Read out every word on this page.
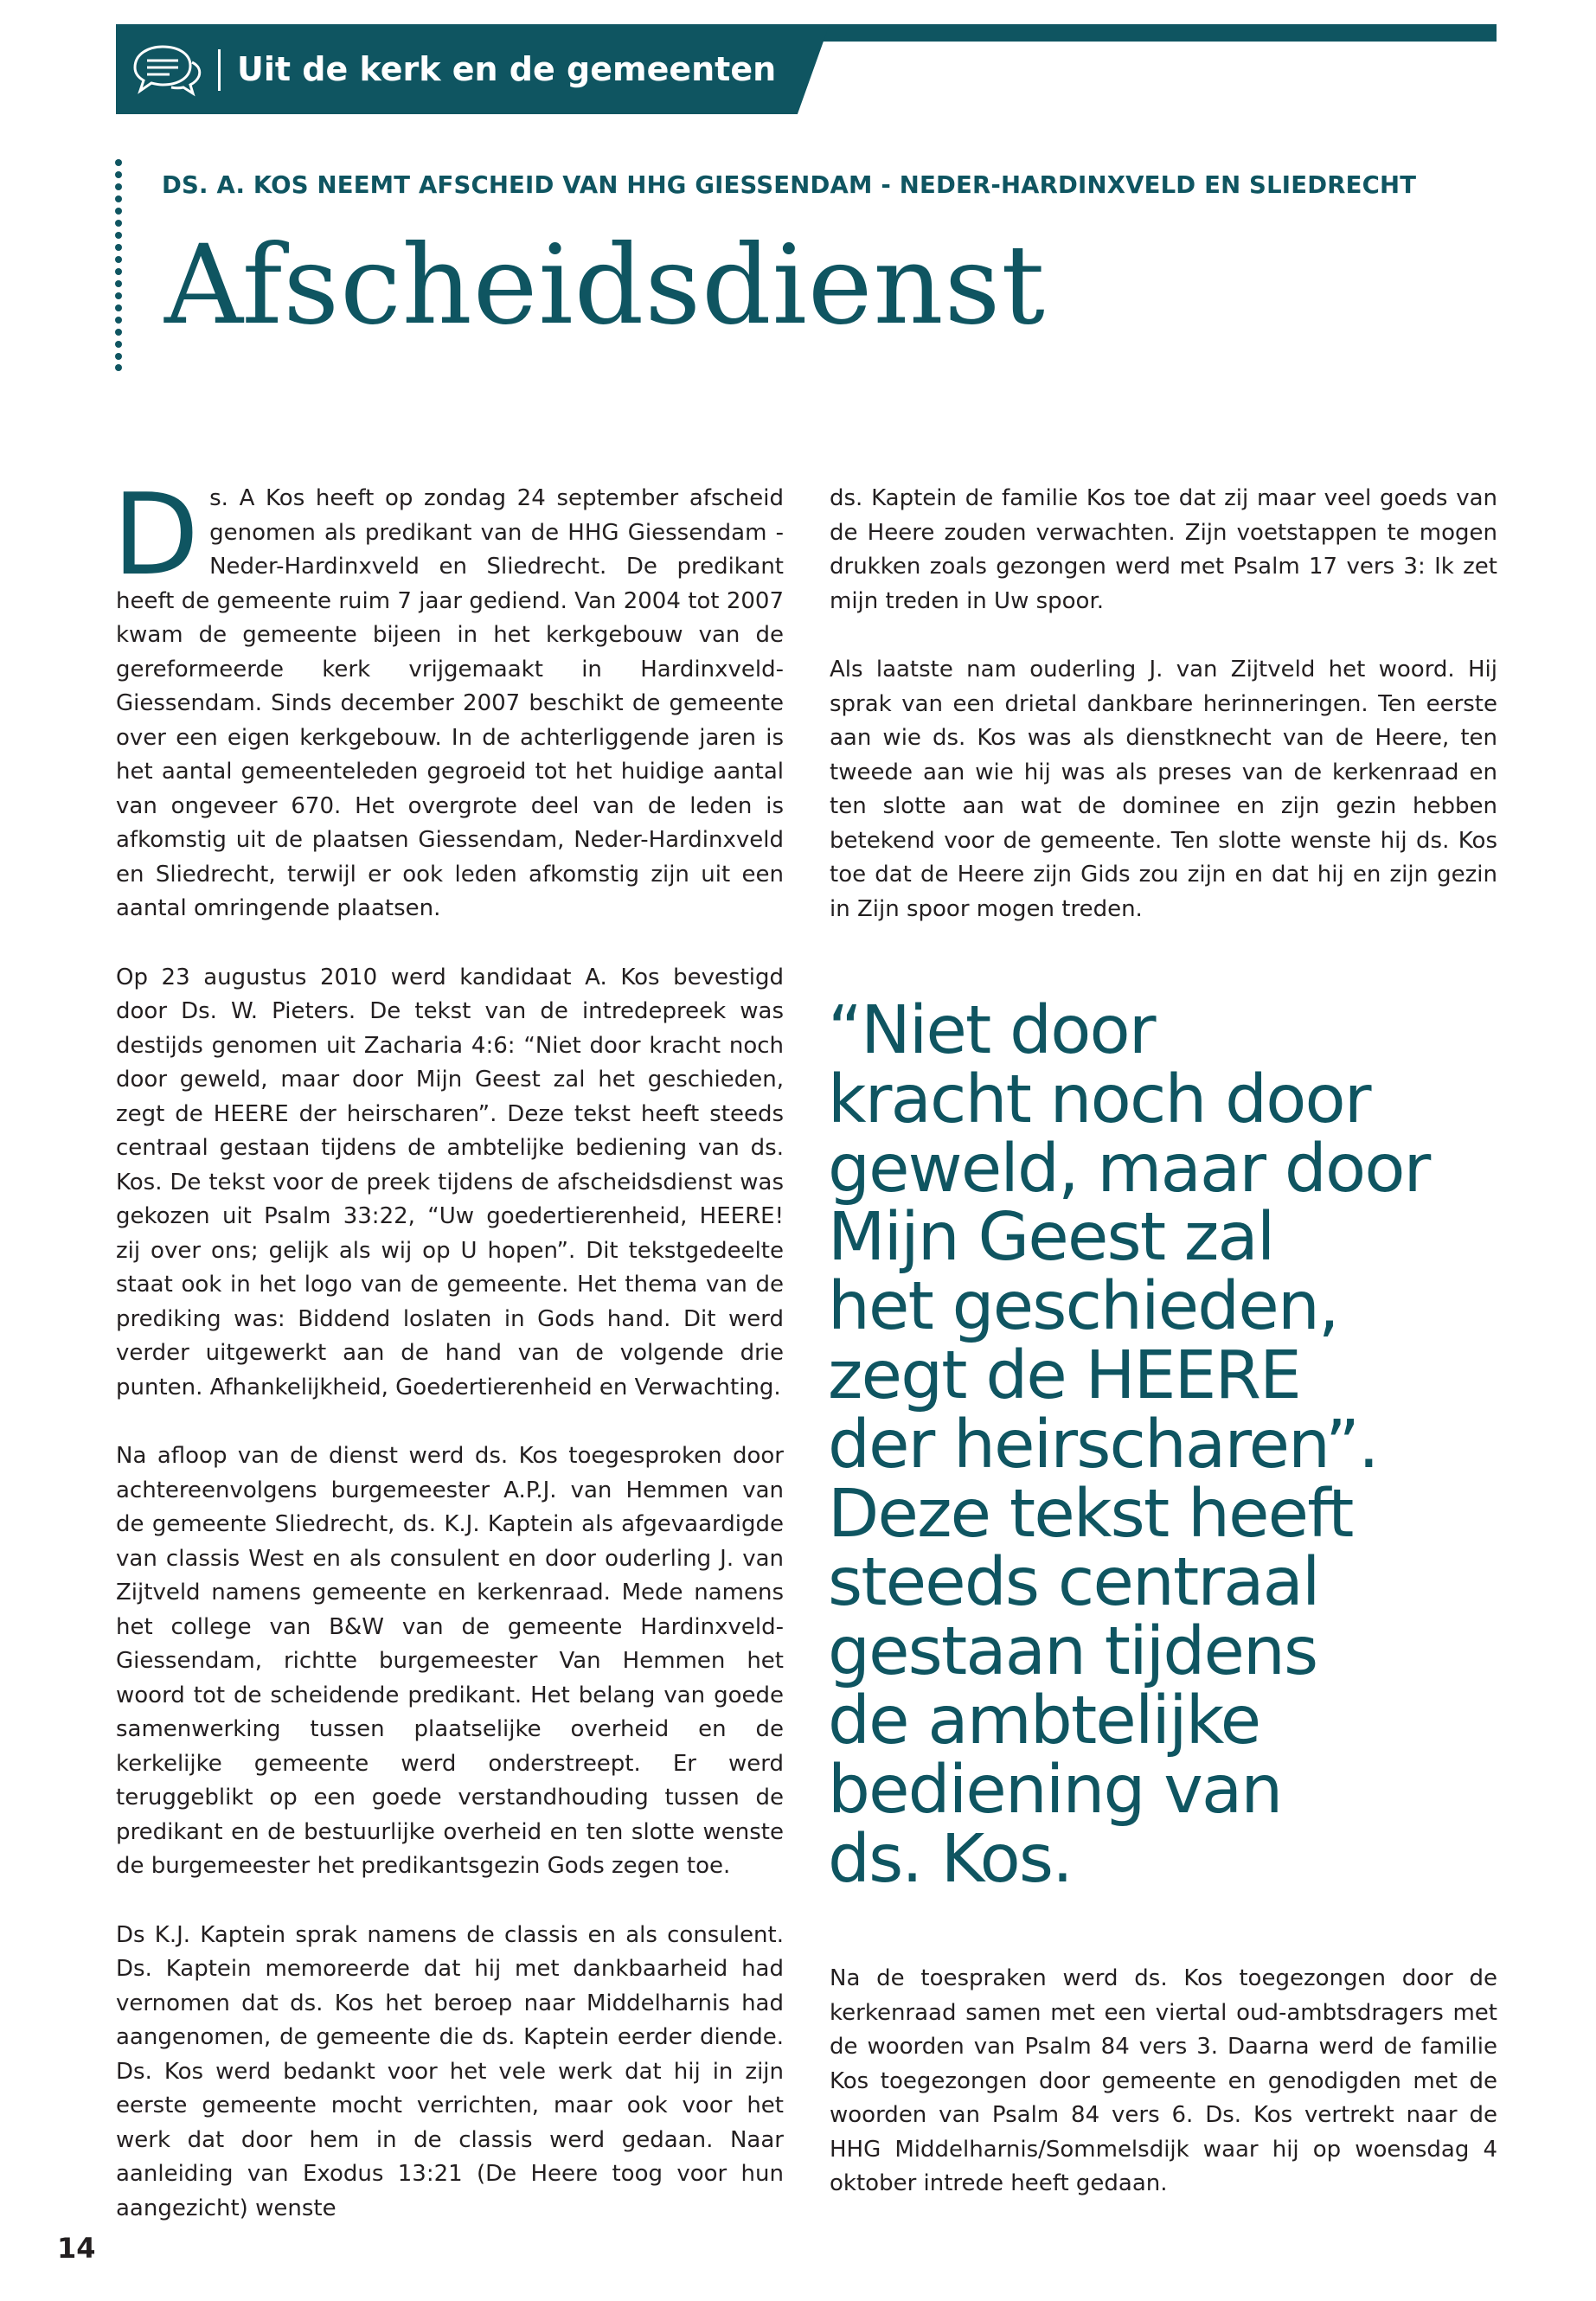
Uit de kerk en de gemeenten
DS. A. KOS NEEMT AFSCHEID VAN HHG GIESSENDAM - NEDER-HARDINXVELD EN SLIEDRECHT
Afscheidsdienst

Ds. A Kos heeft op zondag 24 september afscheid genomen als predikant van de HHG Giessendam - Neder-Hardinxveld en Sliedrecht. De predikant heeft de gemeente ruim 7 jaar gediend. Van 2004 tot 2007 kwam de gemeente bijeen in het kerkgebouw van de gereformeerde kerk vrijgemaakt in Hardinxveld-Giessendam. Sinds december 2007 beschikt de gemeente over een eigen kerkgebouw. In de achterliggende jaren is het aantal gemeenteleden gegroeid tot het huidige aantal van ongeveer 670. Het overgrote deel van de leden is afkomstig uit de plaatsen Giessendam, Neder-Hardinxveld en Sliedrecht, terwijl er ook leden afkomstig zijn uit een aantal omringende plaatsen.

Op 23 augustus 2010 werd kandidaat A. Kos bevestigd door Ds. W. Pieters. De tekst van de intredepreek was destijds genomen uit Zacharia 4:6: “Niet door kracht noch door geweld, maar door Mijn Geest zal het geschieden, zegt de HEERE der heirscharen”. Deze tekst heeft steeds centraal gestaan tijdens de ambtelijke bediening van ds. Kos. De tekst voor de preek tijdens de afscheidsdienst was gekozen uit Psalm 33:22, “Uw goedertierenheid, HEERE! zij over ons; gelijk als wij op U hopen”. Dit tekstgedeelte staat ook in het logo van de gemeente. Het thema van de prediking was: Biddend loslaten in Gods hand. Dit werd verder uitgewerkt aan de hand van de volgende drie punten. Afhankelijkheid, Goedertierenheid en Verwachting.

Na afloop van de dienst werd ds. Kos toegesproken door achtereenvolgens burgemeester A.P.J. van Hemmen van de gemeente Sliedrecht, ds. K.J. Kaptein als afgevaardigde van classis West en als consulent en door ouderling J. van Zijtveld namens gemeente en kerkenraad. Mede namens het college van B&W van de gemeente Hardinxveld-Giessendam, richtte burgemeester Van Hemmen het woord tot de scheidende predikant. Het belang van goede samenwerking tussen plaatselijke overheid en de kerkelijke gemeente werd onderstreept. Er werd teruggeblikt op een goede verstandhouding tussen de predikant en de bestuurlijke overheid en ten slotte wenste de burgemeester het predikantsgezin Gods zegen toe.

Ds K.J. Kaptein sprak namens de classis en als consulent. Ds. Kaptein memoreerde dat hij met dankbaarheid had vernomen dat ds. Kos het beroep naar Middelharnis had aangenomen, de gemeente die ds. Kaptein eerder diende. Ds. Kos werd bedankt voor het vele werk dat hij in zijn eerste gemeente mocht verrichten, maar ook voor het werk dat door hem in de classis werd gedaan. Naar aanleiding van Exodus 13:21 (De Heere toog voor hun aangezicht) wenste

ds. Kaptein de familie Kos toe dat zij maar veel goeds van de Heere zouden verwachten. Zijn voetstappen te mogen drukken zoals gezongen werd met Psalm 17 vers 3: Ik zet mijn treden in Uw spoor.

Als laatste nam ouderling J. van Zijtveld het woord. Hij sprak van een drietal dankbare herinneringen. Ten eerste aan wie ds. Kos was als dienstknecht van de Heere, ten tweede aan wie hij was als preses van de kerkenraad en ten slotte aan wat de dominee en zijn gezin hebben betekend voor de gemeente. Ten slotte wenste hij ds. Kos toe dat de Heere zijn Gids zou zijn en dat hij en zijn gezin in Zijn spoor mogen treden.

“Niet door
kracht noch door
geweld, maar door
Mijn Geest zal
het geschieden,
zegt de HEERE
der heirscharen”.
Deze tekst heeft
steeds centraal
gestaan tijdens
de ambtelijke
bediening van
ds. Kos.

Na de toespraken werd ds. Kos toegezongen door de kerkenraad samen met een viertal oud-ambtsdragers met de woorden van Psalm 84 vers 3. Daarna werd de familie Kos toegezongen door gemeente en genodigden met de woorden van Psalm 84 vers 6. Ds. Kos vertrekt naar de HHG Middelharnis/Sommelsdijk waar hij op woensdag 4 oktober intrede heeft gedaan.

14
